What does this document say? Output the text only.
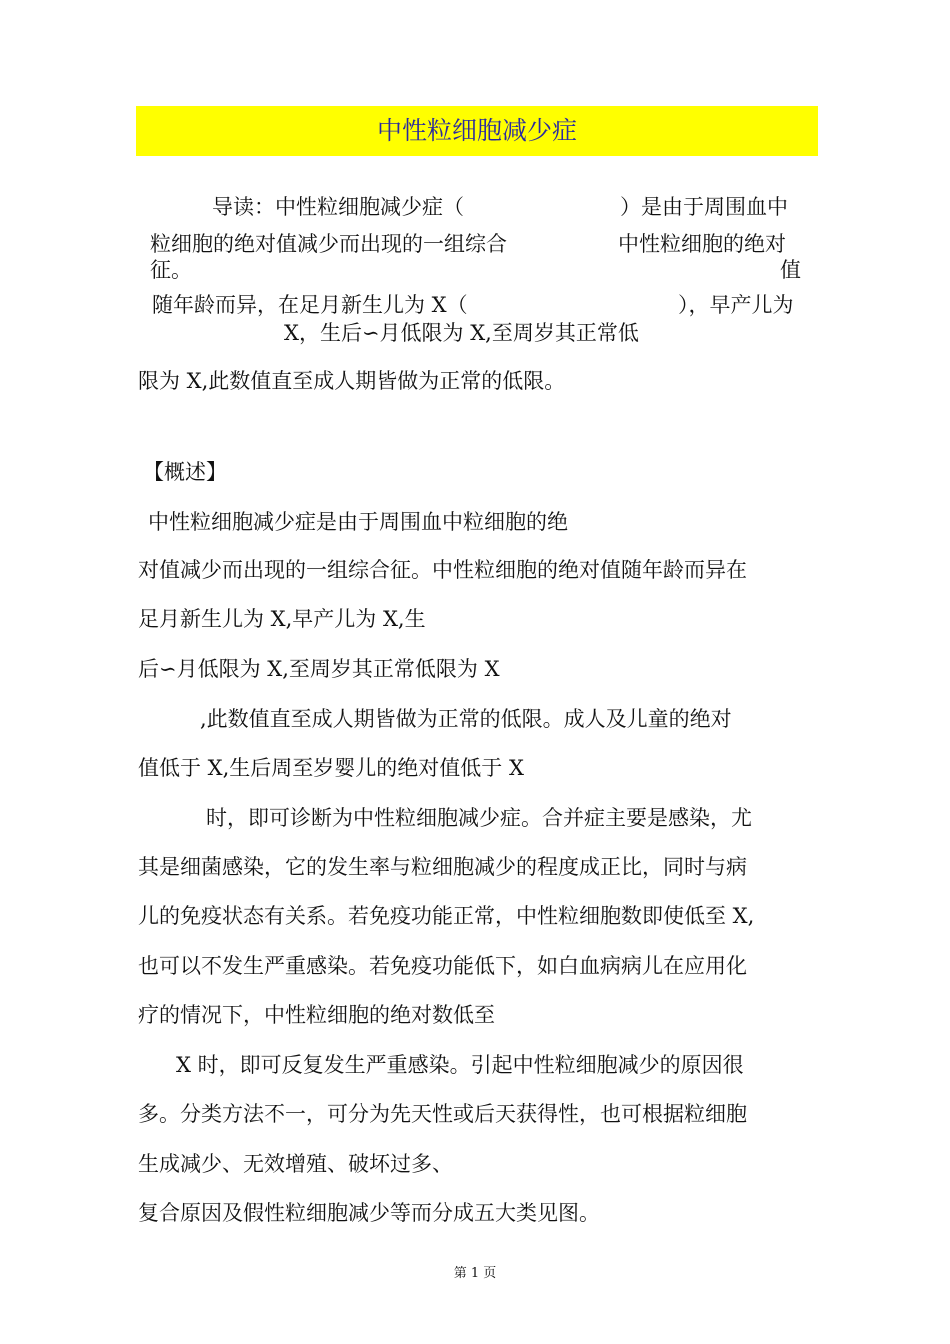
中性粒细胞减少症
导读：中性粒细胞减少症（	）是由于周围血中
粒细胞的绝对值减少而出现的一组综合	中性粒细胞的绝对
征。	值
随年龄而异，在足月新生儿为 X（	），早产儿为
X，生后∽月低限为 X,至周岁其正常低
限为 X,此数值直至成人期皆做为正常的低限。
【概述】
中性粒细胞减少症是由于周围血中粒细胞的绝
对值减少而出现的一组综合征。中性粒细胞的绝对值随年龄而异在
足月新生儿为 X,早产儿为 X,生
后∽月低限为 X,至周岁其正常低限为 X
,此数值直至成人期皆做为正常的低限。成人及儿童的绝对
值低于 X,生后周至岁婴儿的绝对值低于 X
时，即可诊断为中性粒细胞减少症。合并症主要是感染，尤
其是细菌感染，它的发生率与粒细胞减少的程度成正比，同时与病
儿的免疫状态有关系。若免疫功能正常，中性粒细胞数即使低至 X,
也可以不发生严重感染。若免疫功能低下，如白血病病儿在应用化
疗的情况下，中性粒细胞的绝对数低至
X 时，即可反复发生严重感染。引起中性粒细胞减少的原因很
多。分类方法不一，可分为先天性或后天获得性，也可根据粒细胞
生成减少、无效增殖、破坏过多、
复合原因及假性粒细胞减少等而分成五大类见图。
第 1 页
